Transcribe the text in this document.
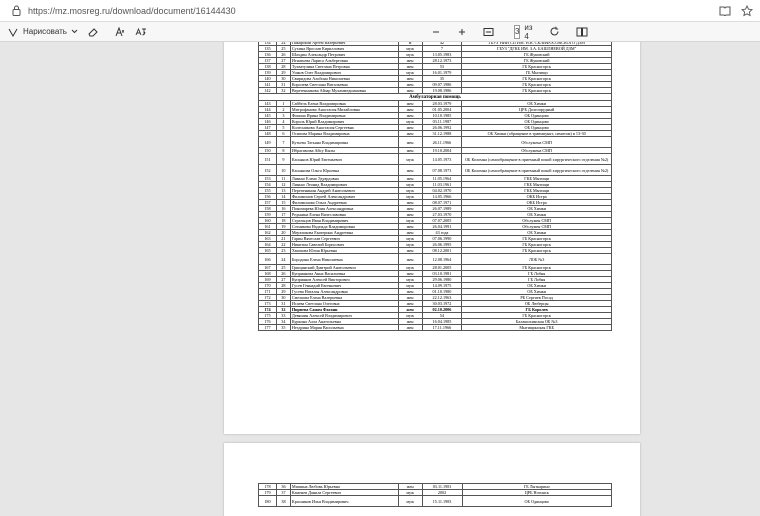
https://mz.mosreg.ru/download/document/16144430
Нарисовать	3 из 4
134	24	Пакарский Артем Валерьевич	м	42	ГБУЗ"НИИ СП ИМ. Н.В. СКЛИФОСОВСКОГО ДЗМ
135	25	Сухина Ярослав Кириллович	муж	7	ГБУЗ "ДГКБ ИМ. З.А. БАШЛЯЕВОЙ ДЗМ"
136	26	Шахдин Александр Петрович	муж	13.05.1983	ГБ Жуковский
137	27	Игнатьева Лариса Альбертовна	жен	28.12.1973	ГБ Жуковский
138	28	Тухватулина Светлана Петровна	жен	53	ГБ Красногорск
139	29	Ушков Олег Владимирович	муж	16.01.1979	ГБ Мытищи
140	30	Свиридова Альбина Николаевна	жен	35	ГБ Красногорск
141	31	Королева Светлана Витальевна	жен	09.07.1986	ГБ Красногорск
142	32	Веретенникова Айзар Мухаммедшановна	жен	19.08.1986	ГБ Красногорск
Амбулаторная помощь					
143	1	Сайбель Елена Владимировна	жен	28.03.1979	ОБ Химки
144	2	Митрофанова Анастасия Михайловна	жен	01.05.2004	ЦРБ Долгопрудный
145	3	Фокина Ирина Владимировна	жен	10.10.1985	ОБ Одинцово
146	4	Король Юрий Владимирович	муж	03.11.1987	ОБ Одинцово
147	5	Колесникова Анастасия Сергеевна	жен	26.06.1992	ОБ Одинцово
148	6	Осипова Марина Владимировна	жен	31.12.1988	ОБ Химки (обращение в травмпункт, симптом) в 13-30
149	7	Кутьева Татьяна Владимировна	жен	26.11.1966	Обслужена СМП
150	8	Ибрагимова Айсу Кызы	жен	19.10.2004	Обслужена СМП
151	9	Касьянов Юрий Евгеньевич	муж	14.05.1973	ОБ Коломна (самообращение в приемный покой хирургического отделения №2)
152	10	Касьянова Ольга Юрьевна	жен	07.08.1973	ОБ Коломна (самообращение в приемный покой хирургического отделения №2)
153	11	Линько Елена Эдуардовна	жен	11.05.1964	ГКБ Мытищи
154	12	Линько Леонид Владимирович	муж	11.03.1961	ГКБ Мытищи
155	13	Перепенинин Андрей Анатольевич	муж	04.02.1970	ГКБ Мытищи
156	14	Филимонов Сергей Александрович	муж	14.05.1966	ОКБ Истра
157	15	Филимонова Ольга Андреевна	жен	08.07.1971	ОКБ Истра
158	16	Пономарева Юлия Александровна	жен	26.07.1989	ОБ Химки
159	17	Редькина Елена Вячеславовна	жен	27.03.1970	ОБ Химки
160	18	Стрельцов Иван Владимирович	муж	07.07.2005	Обслужен СМП
161	19	Сотникова Надежда Владимировна	жен	26.04.1991	Обслужен СМП
162	20	Мерзликова Екатерина Андреевна	жен	43 года	ОБ Химки
163	21	Гарин Вячеслав Сергеевич	муж	07.06.1990	ГБ Красногорск
164	22	Никитин Савелий Борисович	муж	26.06.1995	ГБ Красногорск
165	23	Хвагкова Юлия Юрьевна	жен	08.12.2001	ГБ Красногорск
166	24	Бородина Елена Николаевна	жен	12.08.1964	ЛОБ №3
167	25	Грищинский Дмитрий Анатольевич	муж	28.01.2005	ГБ Красногорск
168	26	Куприянова Анна Васильевна	жен	03.10.1981	ГБ Лобня
169	27	Куприянов Алексей Викторович	муж	29.06.1980	ГБ Лобня
170	28	Гусев Геннадий Евгеньевич	муж	14.09.1975	ОБ Химки
171	29	Гусева Наталья Александровна	жен	01.10.1980	ОБ Химки
172	30	Смелкова Елена Валерьевна	жен	22.12.1963	РБ Сергиев Посад
173	31	Исаева Светлана Олеговна	жен	30.03.1972	ОБ Люберцы
174	32	Пирвева Санам Фаганн	жен	02.10.2006	ГБ Королев
175	33	Девяшин Алексей Владимирович	муж	54	ГБ Красногорск
176	34	Куркина Алла Анатольевна	жен	16.04.1985	Балашихинская ОБ №3
177	35	Нездрина Мария Васильевна	жен	17.11.1966	Мытищинская ГКБ
178	36	Мишина Любовь Юрьевна	жен	03.11.1981	ГБ Лыткарино
179	37	Каменев Данила Сергеевич	муж	2002	ЦРБ Ногинск
180	38	Красников Илья Владимирович	муж	15.11.1983	ОБ Одинцово
